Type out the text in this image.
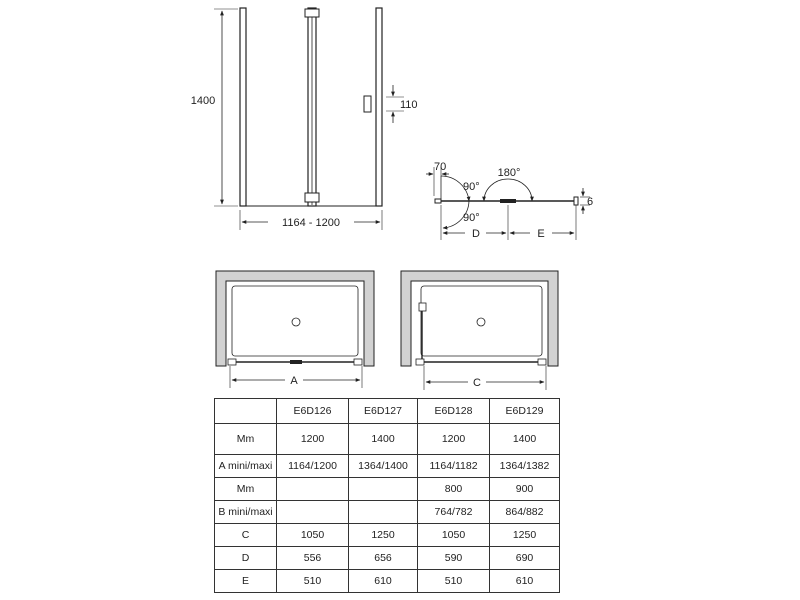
1400
1164 - 1200
110
180°
90°
90°
70
6
D	E
A	C
	E6D126	E6D127	E6D128	E6D129
Mm	1200	1400	1200	1400
A mini/maxi	1164/1200	1364/1400	1164/1182	1364/1382
Mm			800	900
B mini/maxi			764/782	864/882
C	1050	1250	1050	1250
D	556	656	590	690
E	510	610	510	610
